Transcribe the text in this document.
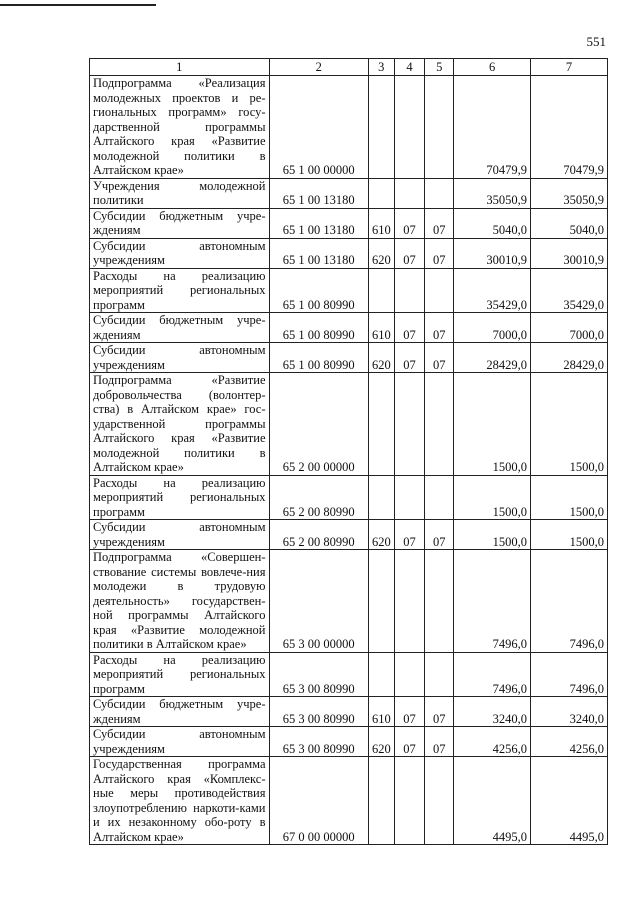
551
1	2	3	4	5	6	7
Подпрограмма «Реализация молодежных проектов и ре-гиональных программ» госу-дарственной программы Алтайского края «Развитие молодежной политики в Алтайском крае»	65 1 00 00000				70479,9	70479,9
Учреждения молодежной политики	65 1 00 13180				35050,9	35050,9
Субсидии бюджетным учре-ждениям	65 1 00 13180	610	07	07	5040,0	5040,0
Субсидии автономным учреждениям	65 1 00 13180	620	07	07	30010,9	30010,9
Расходы на реализацию мероприятий региональных программ	65 1 00 80990				35429,0	35429,0
Субсидии бюджетным учре-ждениям	65 1 00 80990	610	07	07	7000,0	7000,0
Субсидии автономным учреждениям	65 1 00 80990	620	07	07	28429,0	28429,0
Подпрограмма «Развитие добровольчества (волонтер-ства) в Алтайском крае» гос-ударственной программы Алтайского края «Развитие молодежной политики в Алтайском крае»	65 2 00 00000				1500,0	1500,0
Расходы на реализацию мероприятий региональных программ	65 2 00 80990				1500,0	1500,0
Субсидии автономным учреждениям	65 2 00 80990	620	07	07	1500,0	1500,0
Подпрограмма «Совершен-ствование системы вовлече-ния молодежи в трудовую деятельность» государствен-ной программы Алтайского края «Развитие молодежной политики в Алтайском крае»	65 3 00 00000				7496,0	7496,0
Расходы на реализацию мероприятий региональных программ	65 3 00 80990				7496,0	7496,0
Субсидии бюджетным учре-ждениям	65 3 00 80990	610	07	07	3240,0	3240,0
Субсидии автономным учреждениям	65 3 00 80990	620	07	07	4256,0	4256,0
Государственная программа Алтайского края «Комплекс-ные меры противодействия злоупотреблению наркоти-ками и их незаконному обо-роту в Алтайском крае»	67 0 00 00000				4495,0	4495,0
